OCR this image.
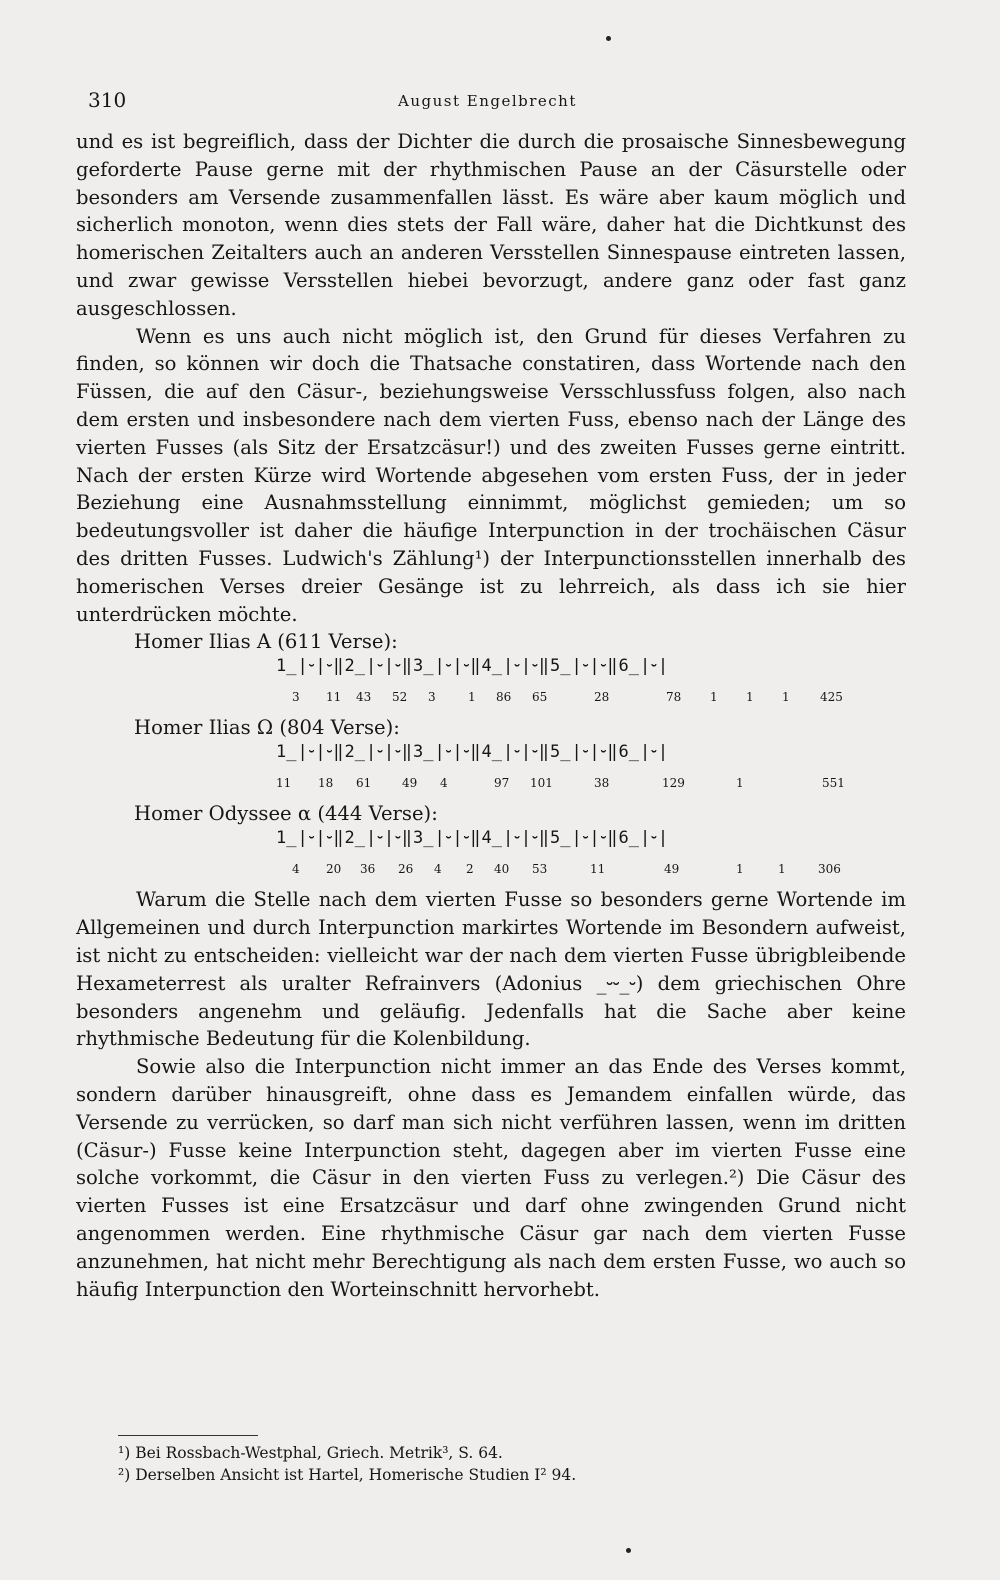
310	August Engelbrecht

und es ist begreiflich, dass der Dichter die durch die prosaische Sinnesbewegung geforderte Pause gerne mit der rhythmischen Pause an der Cäsurstelle oder besonders am Versende zusammenfallen lässt. Es wäre aber kaum möglich und sicherlich monoton, wenn dies stets der Fall wäre, daher hat die Dichtkunst des homerischen Zeitalters auch an anderen Versstellen Sinnespause eintreten lassen, und zwar gewisse Versstellen hiebei bevorzugt, andere ganz oder fast ganz ausgeschlossen.

Wenn es uns auch nicht möglich ist, den Grund für dieses Verfahren zu finden, so können wir doch die Thatsache constatiren, dass Wortende nach den Füssen, die auf den Cäsur-, beziehungsweise Versschlussfuss folgen, also nach dem ersten und insbesondere nach dem vierten Fuss, ebenso nach der Länge des vierten Fusses (als Sitz der Ersatzcäsur!) und des zweiten Fusses gerne eintritt. Nach der ersten Kürze wird Wortende abgesehen vom ersten Fuss, der in jeder Beziehung eine Ausnahmsstellung einnimmt, möglichst gemieden; um so bedeutungsvoller ist daher die häufige Interpunction in der trochäischen Cäsur des dritten Fusses. Ludwich's Zählung¹) der Interpunctionsstellen innerhalb des homerischen Verses dreier Gesänge ist zu lehrreich, als dass ich sie hier unterdrücken möchte.

Homer Ilias Α (611 Verse):

1̲|⏑|⏑‖2̲|⏑|⏑‖3̲|⏑|⏑‖4̲|⏑|⏑‖5̲|⏑|⏑‖6̲|⏑|
3 11 43 52 3	1 86 65	28	78 1 1 1	425

Homer Ilias Ω (804 Verse):

1̲|⏑|⏑‖2̲|⏑|⏑‖3̲|⏑|⏑‖4̲|⏑|⏑‖5̲|⏑|⏑‖6̲|⏑|
11 18 61	49 4	97 101	38	129	1	551

Homer Odyssee α (444 Verse):

1̲|⏑|⏑‖2̲|⏑|⏑‖3̲|⏑|⏑‖4̲|⏑|⏑‖5̲|⏑|⏑‖6̲|⏑|
4 20 36 26 4 2 40 53	11	49	1	1	306

Warum die Stelle nach dem vierten Fusse so besonders gerne Wortende im Allgemeinen und durch Interpunction markirtes Wortende im Besondern aufweist, ist nicht zu entscheiden: vielleicht war der nach dem vierten Fusse übrigbleibende Hexameterrest als uralter Refrainvers (Adonius _⏑⏑_⏑) dem griechischen Ohre besonders angenehm und geläufig. Jedenfalls hat die Sache aber keine rhythmische Bedeutung für die Kolenbildung.

Sowie also die Interpunction nicht immer an das Ende des Verses kommt, sondern darüber hinausgreift, ohne dass es Jemandem einfallen würde, das Versende zu verrücken, so darf man sich nicht verführen lassen, wenn im dritten (Cäsur-) Fusse keine Interpunction steht, dagegen aber im vierten Fusse eine solche vorkommt, die Cäsur in den vierten Fuss zu verlegen.²) Die Cäsur des vierten Fusses ist eine Ersatzcäsur und darf ohne zwingenden Grund nicht angenommen werden. Eine rhythmische Cäsur gar nach dem vierten Fusse anzunehmen, hat nicht mehr Berechtigung als nach dem ersten Fusse, wo auch so häufig Interpunction den Worteinschnitt hervorhebt.

¹) Bei Rossbach-Westphal, Griech. Metrik³, S. 64.

²) Derselben Ansicht ist Hartel, Homerische Studien I² 94.
